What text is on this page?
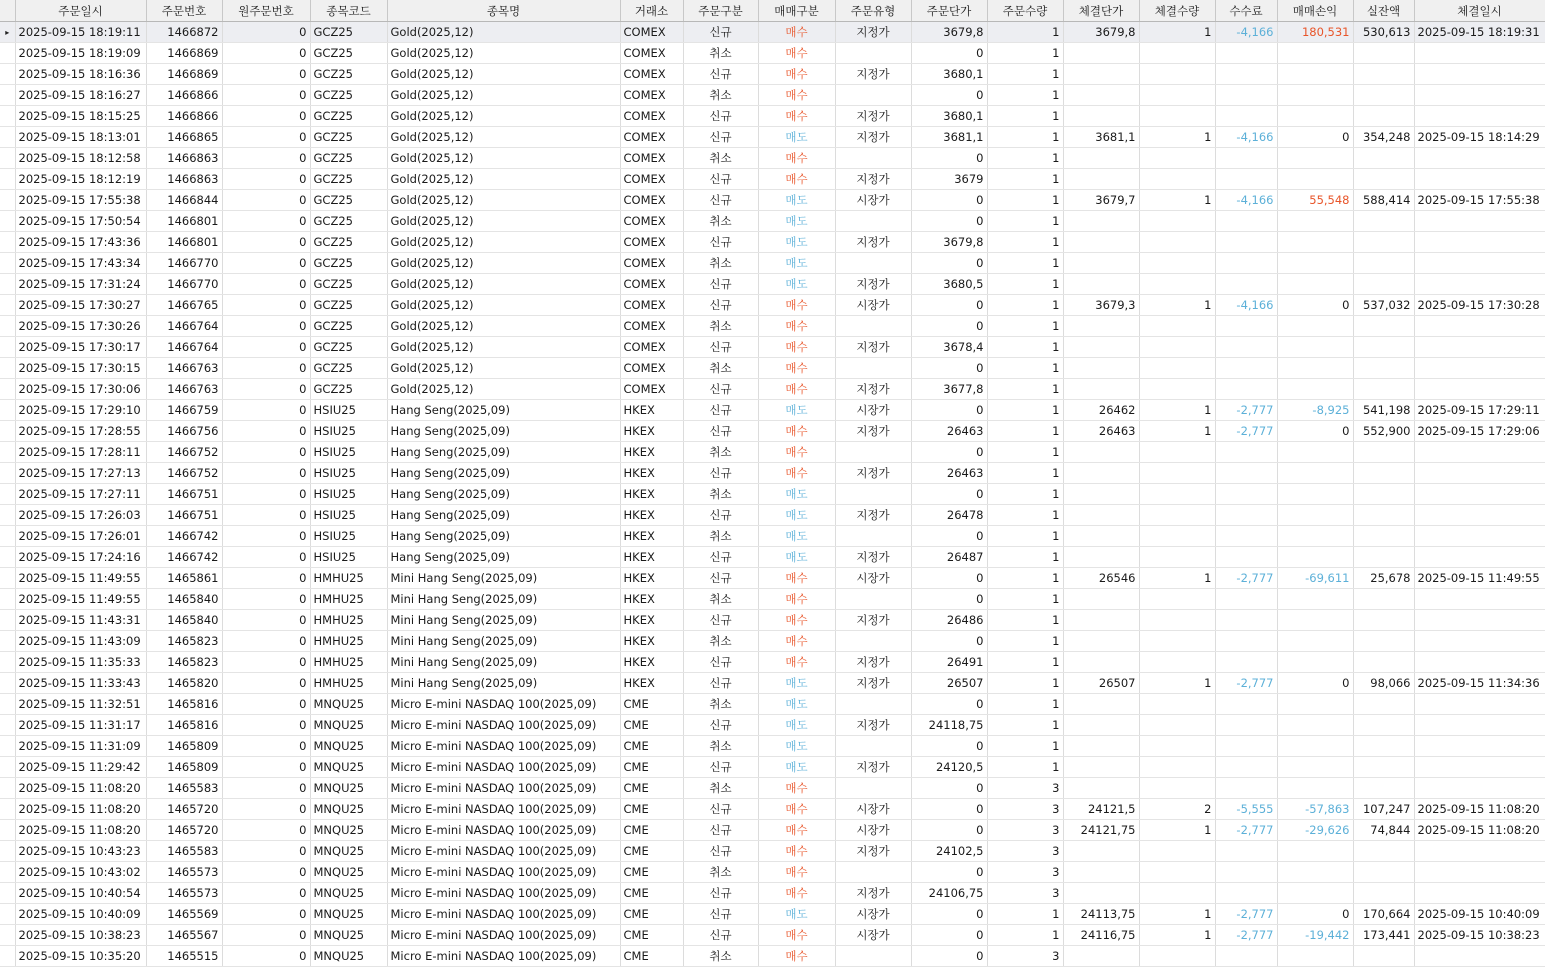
	주문일시	주문번호	원주문번호	종목코드	종목명	거래소	주문구분	매매구분	주문유형	주문단가	주문수량	체결단가	체결수량	수수료	매매손익	실잔액	체결일시
▸	2025-09-15 18:19:11	1466872	0	GCZ25	Gold(2025,12)	COMEX	신규	매수	지정가	3679,8	1	3679,8	1	-4,166	180,531	530,613	2025-09-15 18:19:31
	2025-09-15 18:19:09	1466869	0	GCZ25	Gold(2025,12)	COMEX	취소	매수		0	1						
	2025-09-15 18:16:36	1466869	0	GCZ25	Gold(2025,12)	COMEX	신규	매수	지정가	3680,1	1						
	2025-09-15 18:16:27	1466866	0	GCZ25	Gold(2025,12)	COMEX	취소	매수		0	1						
	2025-09-15 18:15:25	1466866	0	GCZ25	Gold(2025,12)	COMEX	신규	매수	지정가	3680,1	1						
	2025-09-15 18:13:01	1466865	0	GCZ25	Gold(2025,12)	COMEX	신규	매도	지정가	3681,1	1	3681,1	1	-4,166	0	354,248	2025-09-15 18:14:29
	2025-09-15 18:12:58	1466863	0	GCZ25	Gold(2025,12)	COMEX	취소	매수		0	1						
	2025-09-15 18:12:19	1466863	0	GCZ25	Gold(2025,12)	COMEX	신규	매수	지정가	3679	1						
	2025-09-15 17:55:38	1466844	0	GCZ25	Gold(2025,12)	COMEX	신규	매도	시장가	0	1	3679,7	1	-4,166	55,548	588,414	2025-09-15 17:55:38
	2025-09-15 17:50:54	1466801	0	GCZ25	Gold(2025,12)	COMEX	취소	매도		0	1						
	2025-09-15 17:43:36	1466801	0	GCZ25	Gold(2025,12)	COMEX	신규	매도	지정가	3679,8	1						
	2025-09-15 17:43:34	1466770	0	GCZ25	Gold(2025,12)	COMEX	취소	매도		0	1						
	2025-09-15 17:31:24	1466770	0	GCZ25	Gold(2025,12)	COMEX	신규	매도	지정가	3680,5	1						
	2025-09-15 17:30:27	1466765	0	GCZ25	Gold(2025,12)	COMEX	신규	매수	시장가	0	1	3679,3	1	-4,166	0	537,032	2025-09-15 17:30:28
	2025-09-15 17:30:26	1466764	0	GCZ25	Gold(2025,12)	COMEX	취소	매수		0	1						
	2025-09-15 17:30:17	1466764	0	GCZ25	Gold(2025,12)	COMEX	신규	매수	지정가	3678,4	1						
	2025-09-15 17:30:15	1466763	0	GCZ25	Gold(2025,12)	COMEX	취소	매수		0	1						
	2025-09-15 17:30:06	1466763	0	GCZ25	Gold(2025,12)	COMEX	신규	매수	지정가	3677,8	1						
	2025-09-15 17:29:10	1466759	0	HSIU25	Hang Seng(2025,09)	HKEX	신규	매도	시장가	0	1	26462	1	-2,777	-8,925	541,198	2025-09-15 17:29:11
	2025-09-15 17:28:55	1466756	0	HSIU25	Hang Seng(2025,09)	HKEX	신규	매수	지정가	26463	1	26463	1	-2,777	0	552,900	2025-09-15 17:29:06
	2025-09-15 17:28:11	1466752	0	HSIU25	Hang Seng(2025,09)	HKEX	취소	매수		0	1						
	2025-09-15 17:27:13	1466752	0	HSIU25	Hang Seng(2025,09)	HKEX	신규	매수	지정가	26463	1						
	2025-09-15 17:27:11	1466751	0	HSIU25	Hang Seng(2025,09)	HKEX	취소	매도		0	1						
	2025-09-15 17:26:03	1466751	0	HSIU25	Hang Seng(2025,09)	HKEX	신규	매도	지정가	26478	1						
	2025-09-15 17:26:01	1466742	0	HSIU25	Hang Seng(2025,09)	HKEX	취소	매도		0	1						
	2025-09-15 17:24:16	1466742	0	HSIU25	Hang Seng(2025,09)	HKEX	신규	매도	지정가	26487	1						
	2025-09-15 11:49:55	1465861	0	HMHU25	Mini Hang Seng(2025,09)	HKEX	신규	매수	시장가	0	1	26546	1	-2,777	-69,611	25,678	2025-09-15 11:49:55
	2025-09-15 11:49:55	1465840	0	HMHU25	Mini Hang Seng(2025,09)	HKEX	취소	매수		0	1						
	2025-09-15 11:43:31	1465840	0	HMHU25	Mini Hang Seng(2025,09)	HKEX	신규	매수	지정가	26486	1						
	2025-09-15 11:43:09	1465823	0	HMHU25	Mini Hang Seng(2025,09)	HKEX	취소	매수		0	1						
	2025-09-15 11:35:33	1465823	0	HMHU25	Mini Hang Seng(2025,09)	HKEX	신규	매수	지정가	26491	1						
	2025-09-15 11:33:43	1465820	0	HMHU25	Mini Hang Seng(2025,09)	HKEX	신규	매도	지정가	26507	1	26507	1	-2,777	0	98,066	2025-09-15 11:34:36
	2025-09-15 11:32:51	1465816	0	MNQU25	Micro E-mini NASDAQ 100(2025,09)	CME	취소	매도		0	1						
	2025-09-15 11:31:17	1465816	0	MNQU25	Micro E-mini NASDAQ 100(2025,09)	CME	신규	매도	지정가	24118,75	1						
	2025-09-15 11:31:09	1465809	0	MNQU25	Micro E-mini NASDAQ 100(2025,09)	CME	취소	매도		0	1						
	2025-09-15 11:29:42	1465809	0	MNQU25	Micro E-mini NASDAQ 100(2025,09)	CME	신규	매도	지정가	24120,5	1						
	2025-09-15 11:08:20	1465583	0	MNQU25	Micro E-mini NASDAQ 100(2025,09)	CME	취소	매수		0	3						
	2025-09-15 11:08:20	1465720	0	MNQU25	Micro E-mini NASDAQ 100(2025,09)	CME	신규	매수	시장가	0	3	24121,5	2	-5,555	-57,863	107,247	2025-09-15 11:08:20
	2025-09-15 11:08:20	1465720	0	MNQU25	Micro E-mini NASDAQ 100(2025,09)	CME	신규	매수	시장가	0	3	24121,75	1	-2,777	-29,626	74,844	2025-09-15 11:08:20
	2025-09-15 10:43:23	1465583	0	MNQU25	Micro E-mini NASDAQ 100(2025,09)	CME	신규	매수	지정가	24102,5	3						
	2025-09-15 10:43:02	1465573	0	MNQU25	Micro E-mini NASDAQ 100(2025,09)	CME	취소	매수		0	3						
	2025-09-15 10:40:54	1465573	0	MNQU25	Micro E-mini NASDAQ 100(2025,09)	CME	신규	매수	지정가	24106,75	3						
	2025-09-15 10:40:09	1465569	0	MNQU25	Micro E-mini NASDAQ 100(2025,09)	CME	신규	매도	시장가	0	1	24113,75	1	-2,777	0	170,664	2025-09-15 10:40:09
	2025-09-15 10:38:23	1465567	0	MNQU25	Micro E-mini NASDAQ 100(2025,09)	CME	신규	매수	시장가	0	1	24116,75	1	-2,777	-19,442	173,441	2025-09-15 10:38:23
	2025-09-15 10:35:20	1465515	0	MNQU25	Micro E-mini NASDAQ 100(2025,09)	CME	취소	매수		0	3						
